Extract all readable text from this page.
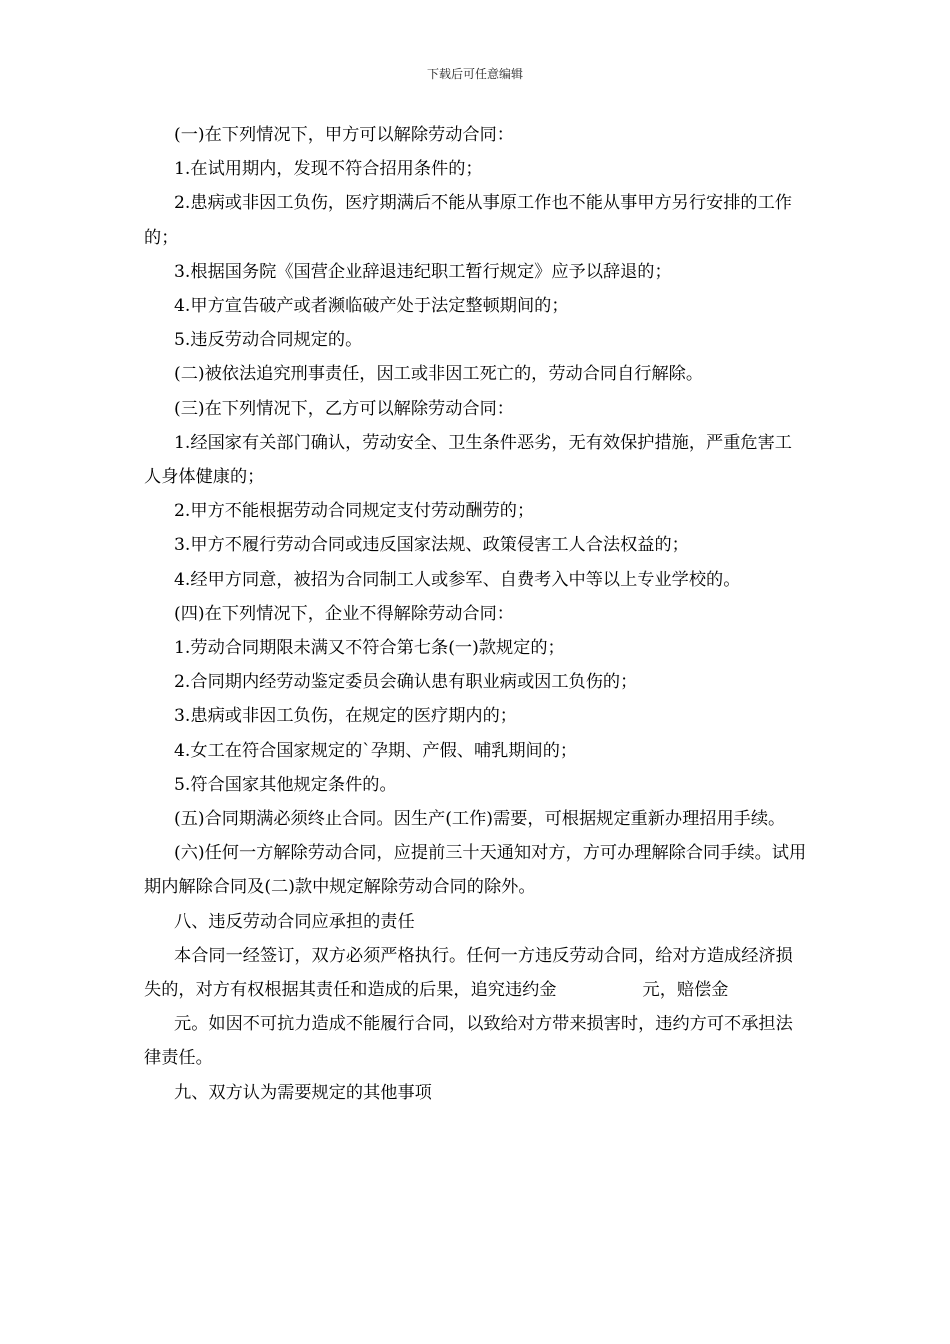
下载后可任意编辑

(一)在下列情况下，甲方可以解除劳动合同：

1.在试用期内，发现不符合招用条件的；

2.患病或非因工负伤，医疗期满后不能从事原工作也不能从事甲方另行安排的工作的；

3.根据国务院《国营企业辞退违纪职工暂行规定》应予以辞退的；

4.甲方宣告破产或者濒临破产处于法定整顿期间的；

5.违反劳动合同规定的。

(二)被依法追究刑事责任，因工或非因工死亡的，劳动合同自行解除。

(三)在下列情况下，乙方可以解除劳动合同：

1.经国家有关部门确认，劳动安全、卫生条件恶劣，无有效保护措施，严重危害工人身体健康的；

2.甲方不能根据劳动合同规定支付劳动酬劳的；

3.甲方不履行劳动合同或违反国家法规、政策侵害工人合法权益的；

4.经甲方同意，被招为合同制工人或参军、自费考入中等以上专业学校的。

(四)在下列情况下，企业不得解除劳动合同：

1.劳动合同期限未满又不符合第七条(一)款规定的；

2.合同期内经劳动鉴定委员会确认患有职业病或因工负伤的；

3.患病或非因工负伤，在规定的医疗期内的；

4.女工在符合国家规定的`孕期、产假、哺乳期间的；

5.符合国家其他规定条件的。

(五)合同期满必须终止合同。因生产(工作)需要，可根据规定重新办理招用手续。

(六)任何一方解除劳动合同，应提前三十天通知对方，方可办理解除合同手续。试用期内解除合同及(二)款中规定解除劳动合同的除外。

八、违反劳动合同应承担的责任

本合同一经签订，双方必须严格执行。任何一方违反劳动合同，给对方造成经济损失的，对方有权根据其责任和造成的后果，追究违约金	元，赔偿金

元。如因不可抗力造成不能履行合同，以致给对方带来损害时，违约方可不承担法律责任。

九、双方认为需要规定的其他事项
